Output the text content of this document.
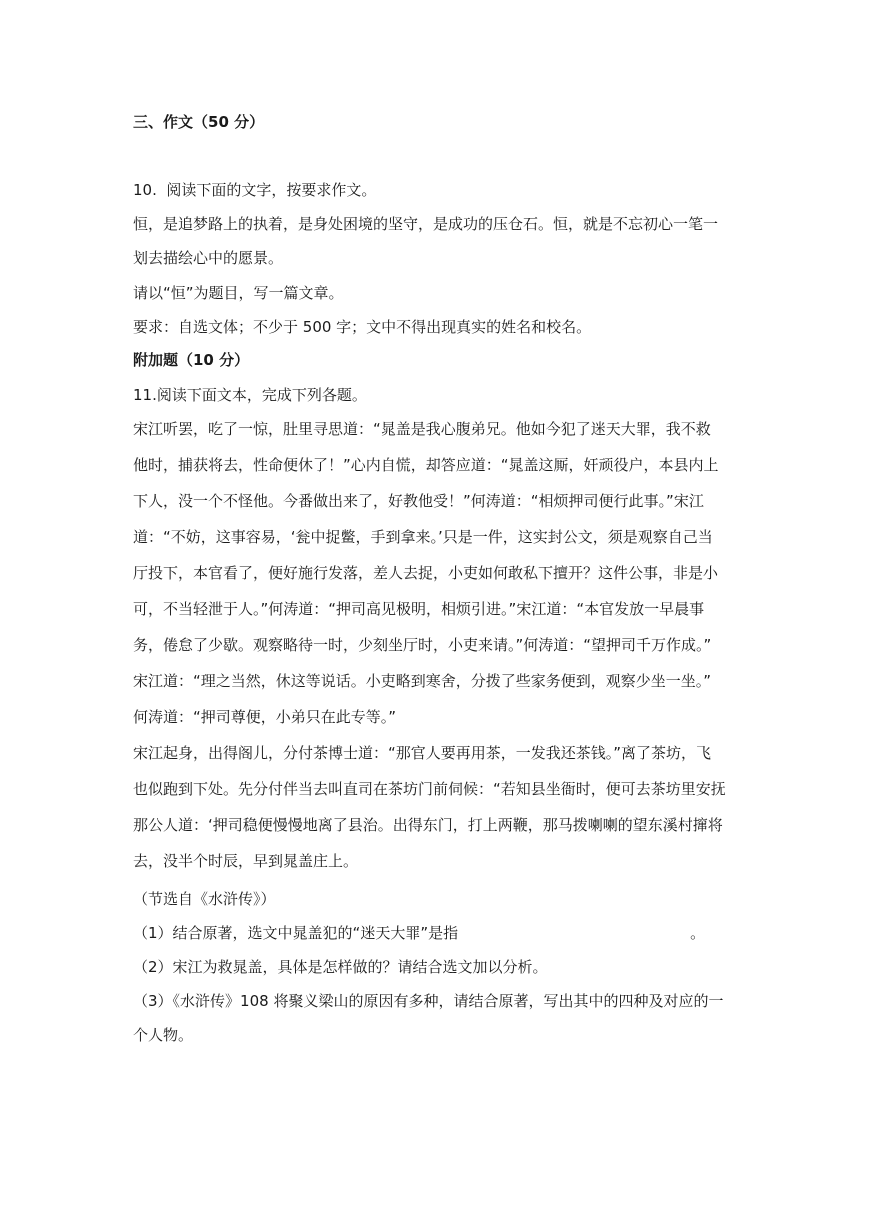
三、作文（50 分）
10. 阅读下面的文字，按要求作文。
恒，是追梦路上的执着，是身处困境的坚守，是成功的压仓石。恒，就是不忘初心一笔一
划去描绘心中的愿景。
请以“恒”为题目，写一篇文章。
要求：自选文体；不少于 500 字；文中不得出现真实的姓名和校名。
附加题（10 分）
11.阅读下面文本，完成下列各题。
宋江听罢，吃了一惊，肚里寻思道：“晁盖是我心腹弟兄。他如今犯了迷天大罪，我不救
他时，捕获将去，性命便休了！”心内自慌，却答应道：“晁盖这厮，奸顽役户，本县内上
下人，没一个不怪他。今番做出来了，好教他受！”何涛道：“相烦押司便行此事。”宋江
道：“不妨，这事容易，‘瓮中捉鳖，手到拿来。’只是一件，这实封公文，须是观察自己当
厅投下，本官看了，便好施行发落，差人去捉，小吏如何敢私下擅开？这件公事，非是小
可，不当轻泄于人。”何涛道：“押司高见极明，相烦引进。”宋江道：“本官发放一早晨事
务，倦怠了少歇。观察略待一时，少刻坐厅时，小吏来请。”何涛道：“望押司千万作成。”
宋江道：“理之当然，休这等说话。小吏略到寒舍，分拨了些家务便到，观察少坐一坐。”
何涛道：“押司尊便，小弟只在此专等。”
宋江起身，出得阁儿，分付茶博士道：“那官人要再用茶，一发我还茶钱。”离了茶坊，飞
也似跑到下处。先分付伴当去叫直司在茶坊门前伺候：“若知县坐衙时，便可去茶坊里安抚
那公人道：‘押司稳便慢慢地离了县治。出得东门，打上两鞭，那马拨喇喇的望东溪村撺将
去，没半个时辰，早到晁盖庄上。
（节选自《水浒传》）
（1）结合原著，选文中晁盖犯的“迷天大罪”是指	。
（2）宋江为救晁盖，具体是怎样做的？请结合选文加以分析。
（3）《水浒传》108 将聚义梁山的原因有多种，请结合原著，写出其中的四种及对应的一
个人物。
